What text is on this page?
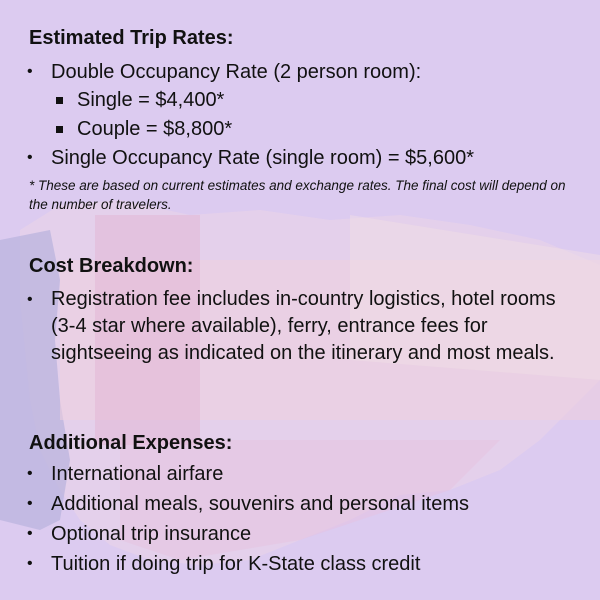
Estimated Trip Rates:
• Double Occupancy Rate (2 person room):
Single = $4,400*
Couple = $8,800*
• Single Occupancy Rate (single room) = $5,600*
* These are based on current estimates and exchange rates. The final cost will depend on the number of travelers.
Cost Breakdown:
• Registration fee includes in-country logistics, hotel rooms (3-4 star where available), ferry, entrance fees for sightseeing as indicated on the itinerary and most meals.
Additional Expenses:
• International airfare
• Additional meals, souvenirs and personal items
• Optional trip insurance
• Tuition if doing trip for K-State class credit
